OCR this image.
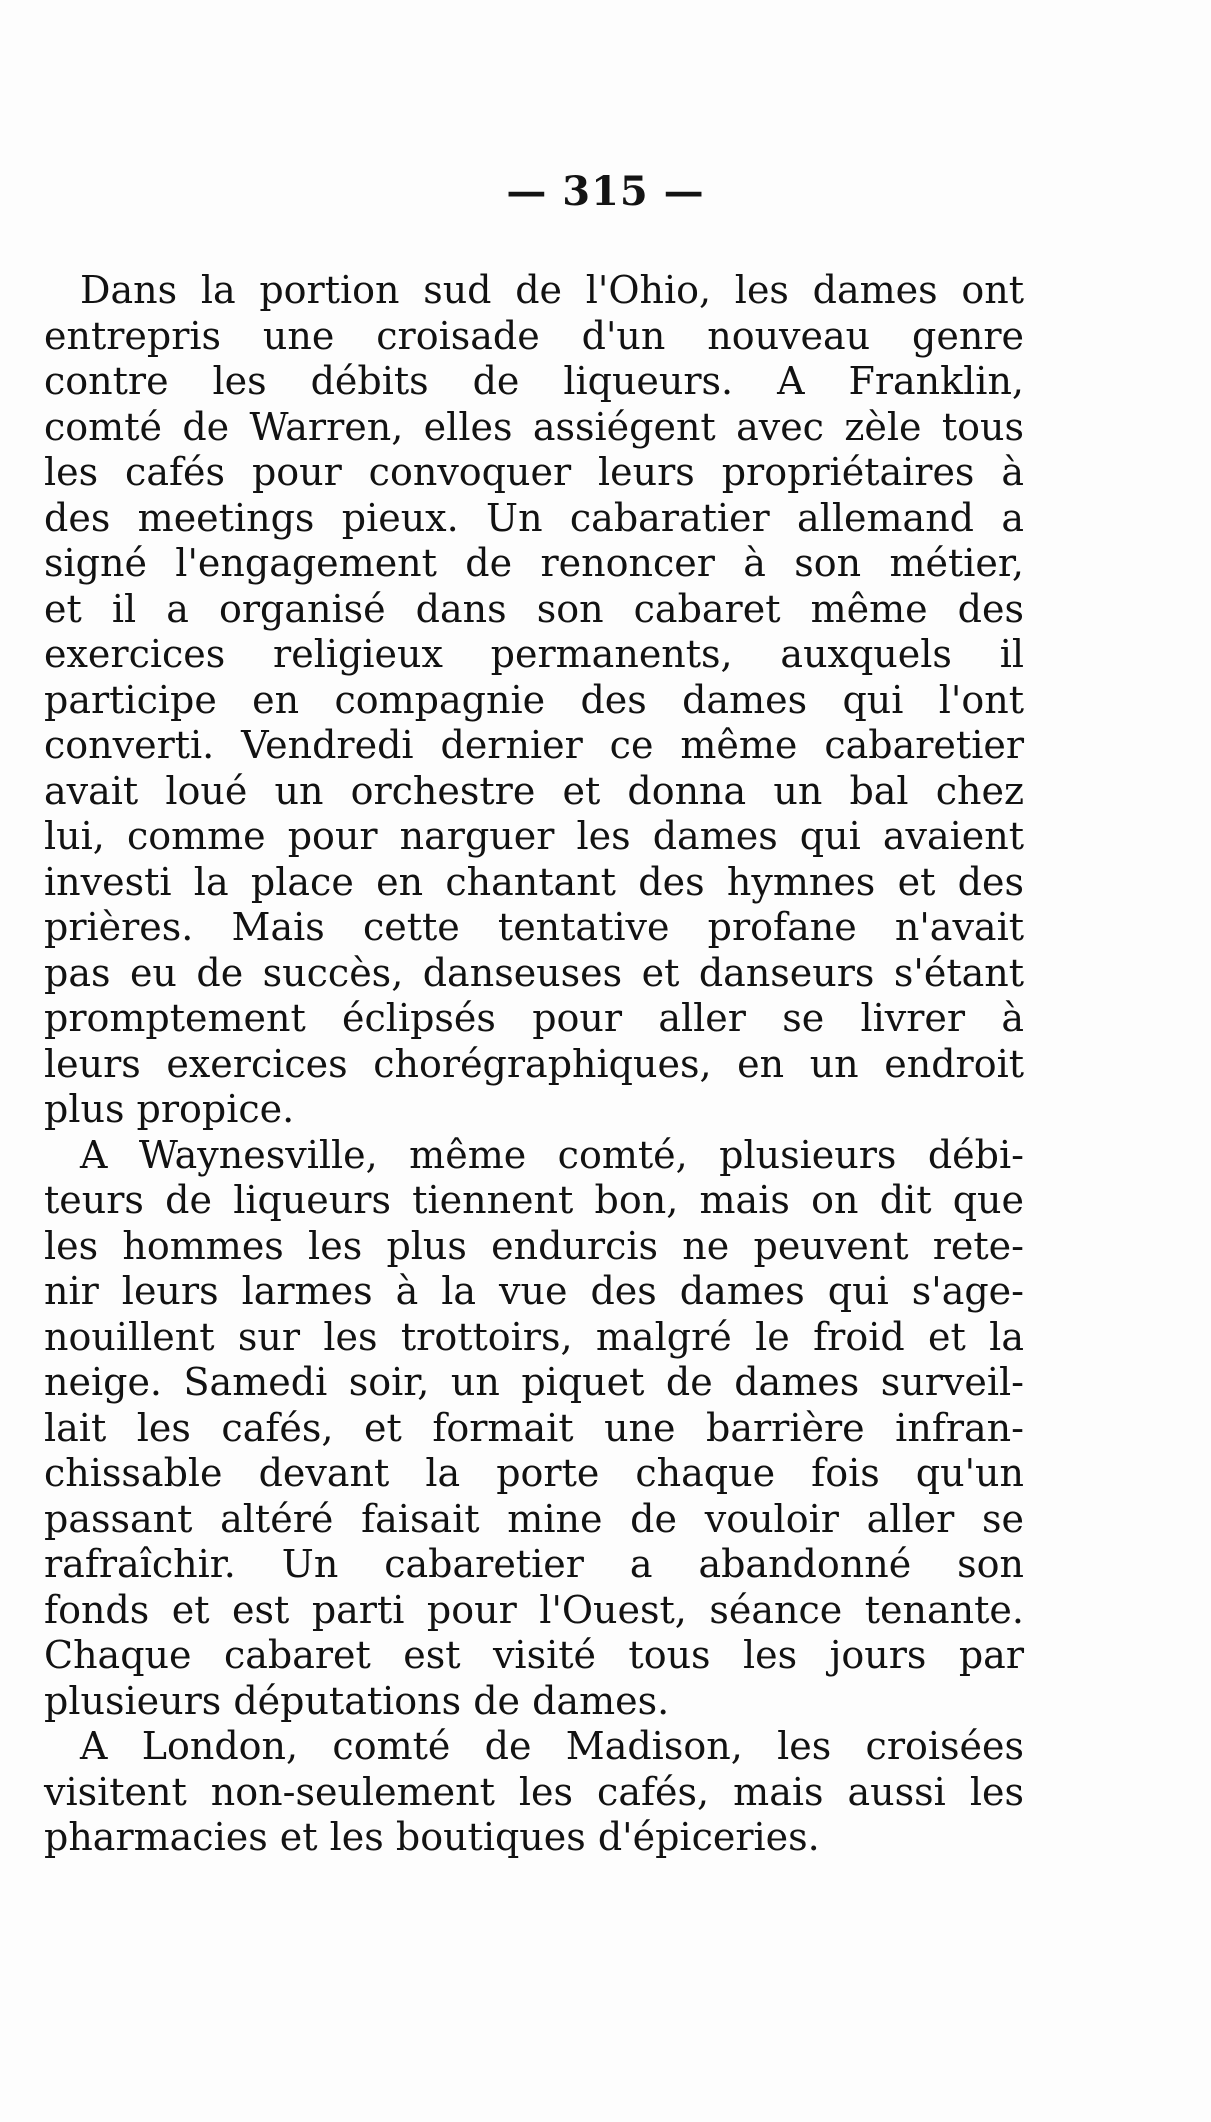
— 315 —
Dans la portion sud de l'Ohio, les dames ont
entrepris une croisade d'un nouveau genre
contre les débits de liqueurs. A Franklin,
comté de Warren, elles assiégent avec zèle tous
les cafés pour convoquer leurs propriétaires à
des meetings pieux. Un cabaratier allemand a
signé l'engagement de renoncer à son métier,
et il a organisé dans son cabaret même des
exercices religieux permanents, auxquels il
participe en compagnie des dames qui l'ont
converti. Vendredi dernier ce même cabaretier
avait loué un orchestre et donna un bal chez
lui, comme pour narguer les dames qui avaient
investi la place en chantant des hymnes et des
prières. Mais cette tentative profane n'avait
pas eu de succès, danseuses et danseurs s'étant
promptement éclipsés pour aller se livrer à
leurs exercices chorégraphiques, en un endroit
plus propice.
A Waynesville, même comté, plusieurs débi-
teurs de liqueurs tiennent bon, mais on dit que
les hommes les plus endurcis ne peuvent rete-
nir leurs larmes à la vue des dames qui s'age-
nouillent sur les trottoirs, malgré le froid et la
neige. Samedi soir, un piquet de dames surveil-
lait les cafés, et formait une barrière infran-
chissable devant la porte chaque fois qu'un
passant altéré faisait mine de vouloir aller se
rafraîchir. Un cabaretier a abandonné son
fonds et est parti pour l'Ouest, séance tenante.
Chaque cabaret est visité tous les jours par
plusieurs députations de dames.
A London, comté de Madison, les croisées
visitent non-seulement les cafés, mais aussi les
pharmacies et les boutiques d'épiceries.
